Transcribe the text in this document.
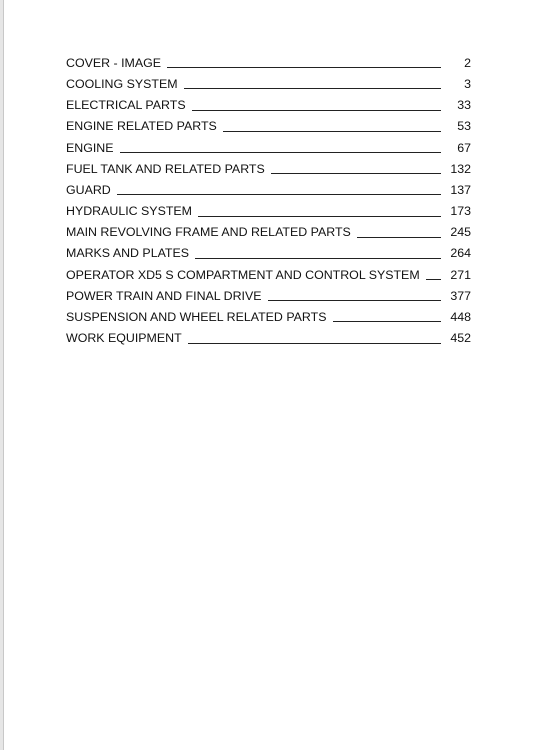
COVER - IMAGE	2
COOLING SYSTEM	3
ELECTRICAL PARTS	33
ENGINE RELATED PARTS	53
ENGINE	67
FUEL TANK AND RELATED PARTS	132
GUARD	137
HYDRAULIC SYSTEM	173
MAIN REVOLVING FRAME AND RELATED PARTS	245
MARKS AND PLATES	264
OPERATOR XD5 S COMPARTMENT AND CONTROL SYSTEM	271
POWER TRAIN AND FINAL DRIVE	377
SUSPENSION AND WHEEL RELATED PARTS	448
WORK EQUIPMENT	452
